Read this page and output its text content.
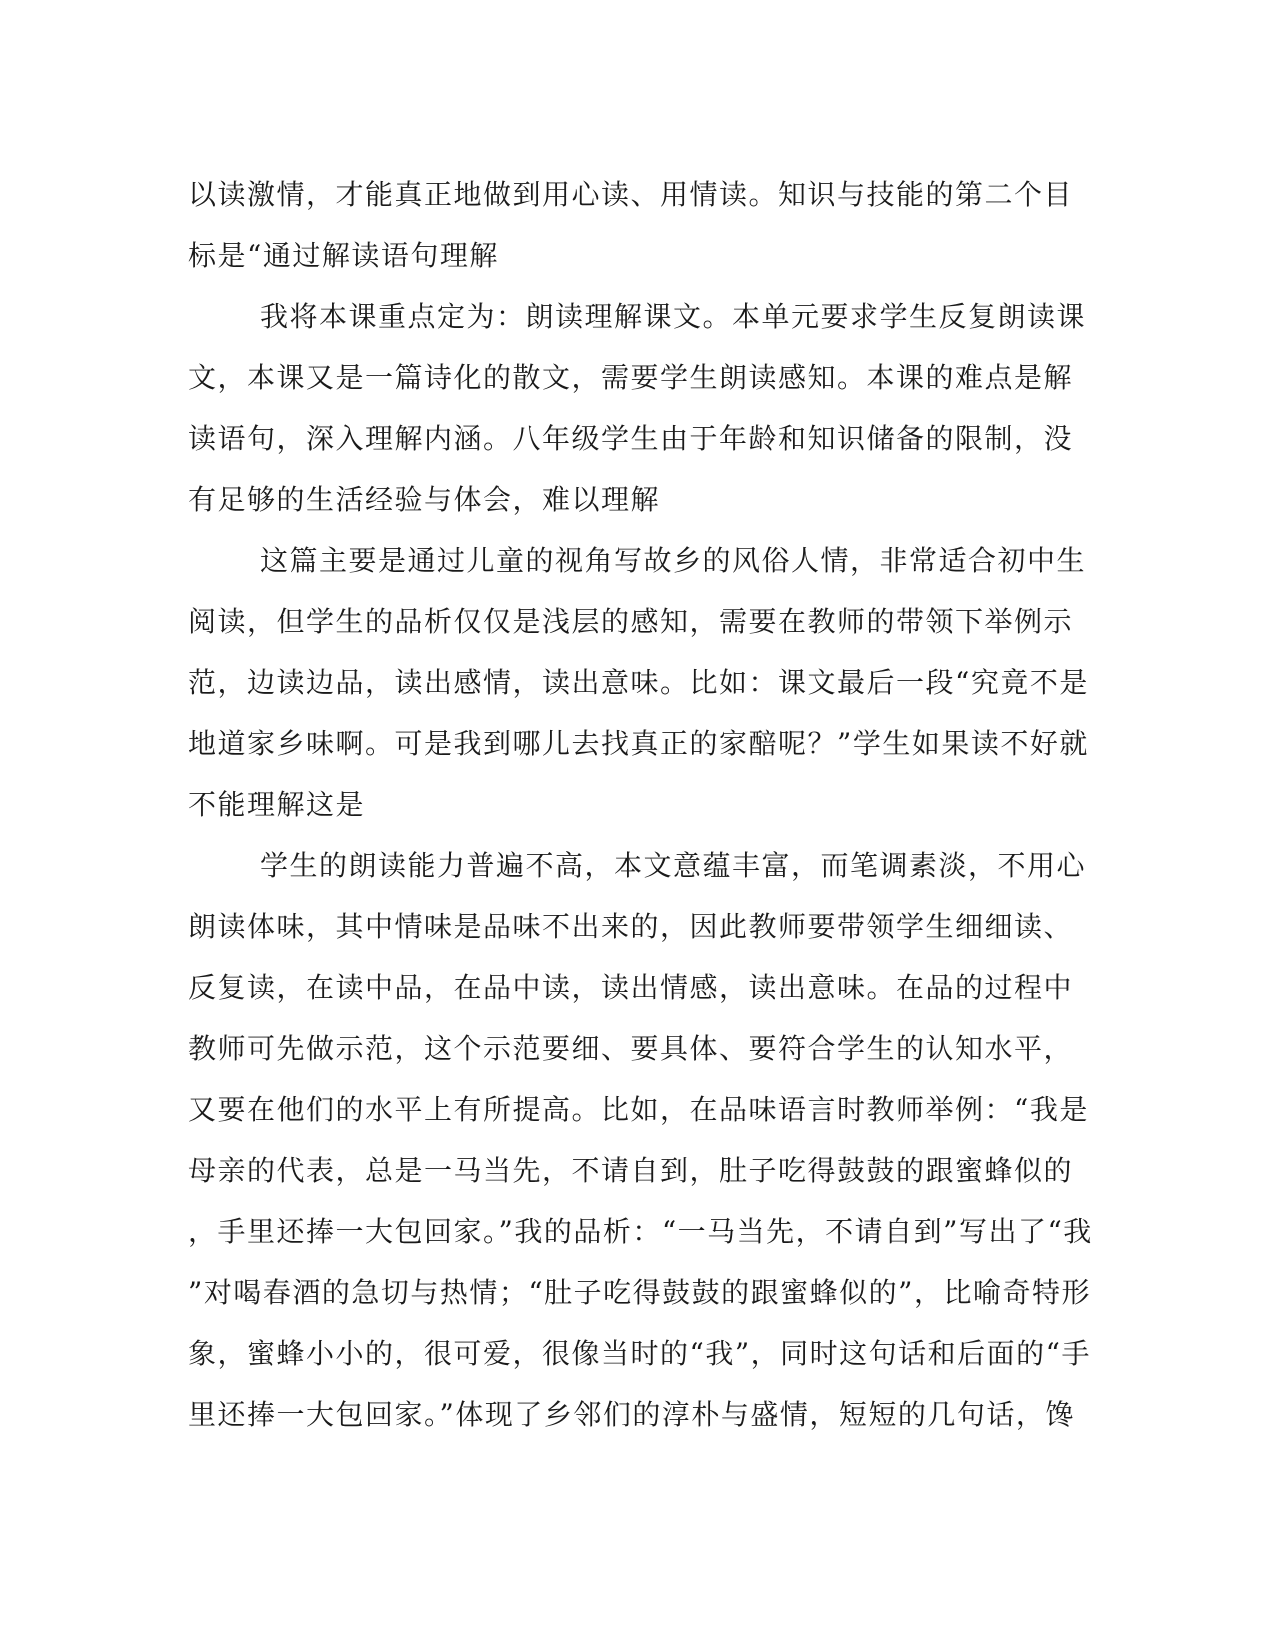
以读激情，才能真正地做到用心读、用情读。知识与技能的第二个目
标是“通过解读语句理解
我将本课重点定为：朗读理解课文。本单元要求学生反复朗读课
文，本课又是一篇诗化的散文，需要学生朗读感知。本课的难点是解
读语句，深入理解内涵。八年级学生由于年龄和知识储备的限制，没
有足够的生活经验与体会，难以理解
这篇主要是通过儿童的视角写故乡的风俗人情，非常适合初中生
阅读，但学生的品析仅仅是浅层的感知，需要在教师的带领下举例示
范，边读边品，读出感情，读出意味。比如：课文最后一段“究竟不是
地道家乡味啊。可是我到哪儿去找真正的家醅呢？”学生如果读不好就
不能理解这是
学生的朗读能力普遍不高，本文意蕴丰富，而笔调素淡，不用心
朗读体味，其中情味是品味不出来的，因此教师要带领学生细细读、
反复读，在读中品，在品中读，读出情感，读出意味。在品的过程中
教师可先做示范，这个示范要细、要具体、要符合学生的认知水平，
又要在他们的水平上有所提高。比如，在品味语言时教师举例：“我是
母亲的代表，总是一马当先，不请自到，肚子吃得鼓鼓的跟蜜蜂似的
，手里还捧一大包回家。”我的品析：“一马当先，不请自到”写出了“我
”对喝春酒的急切与热情；“肚子吃得鼓鼓的跟蜜蜂似的”，比喻奇特形
象，蜜蜂小小的，很可爱，很像当时的“我”，同时这句话和后面的“手
里还捧一大包回家。”体现了乡邻们的淳朴与盛情，短短的几句话，馋
